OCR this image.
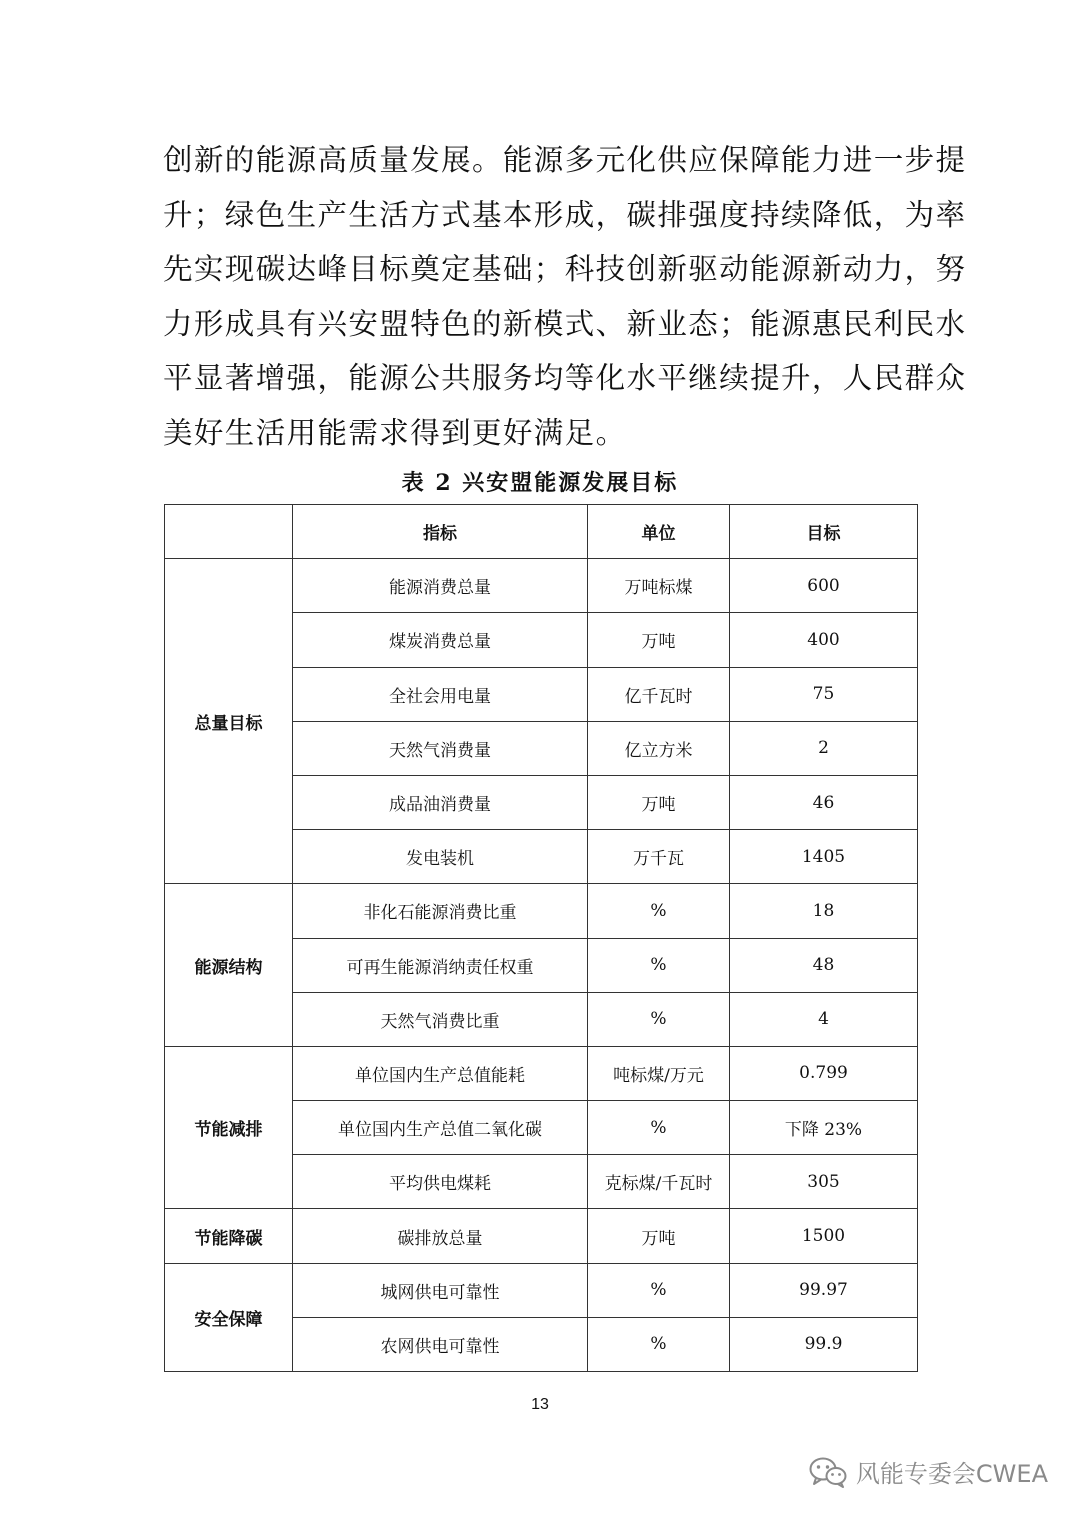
创新的能源高质量发展。能源多元化供应保障能力进一步提
升；绿色生产生活方式基本形成，碳排强度持续降低，为率
先实现碳达峰目标奠定基础；科技创新驱动能源新动力，努
力形成具有兴安盟特色的新模式、新业态；能源惠民利民水
平显著增强，能源公共服务均等化水平继续提升，人民群众
美好生活用能需求得到更好满足。
表 2 兴安盟能源发展目标
	指标	单位	目标
总量目标	能源消费总量	万吨标煤	600
	煤炭消费总量	万吨	400
	全社会用电量	亿千瓦时	75
	天然气消费量	亿立方米	2
	成品油消费量	万吨	46
	发电装机	万千瓦	1405
能源结构	非化石能源消费比重	%	18
	可再生能源消纳责任权重	%	48
	天然气消费比重	%	4
节能减排	单位国内生产总值能耗	吨标煤/万元	0.799
	单位国内生产总值二氧化碳	%	下降 23%
	平均供电煤耗	克标煤/千瓦时	305
节能降碳	碳排放总量	万吨	1500
安全保障	城网供电可靠性	%	99.97
	农网供电可靠性	%	99.9
13
风能专委会CWEA
